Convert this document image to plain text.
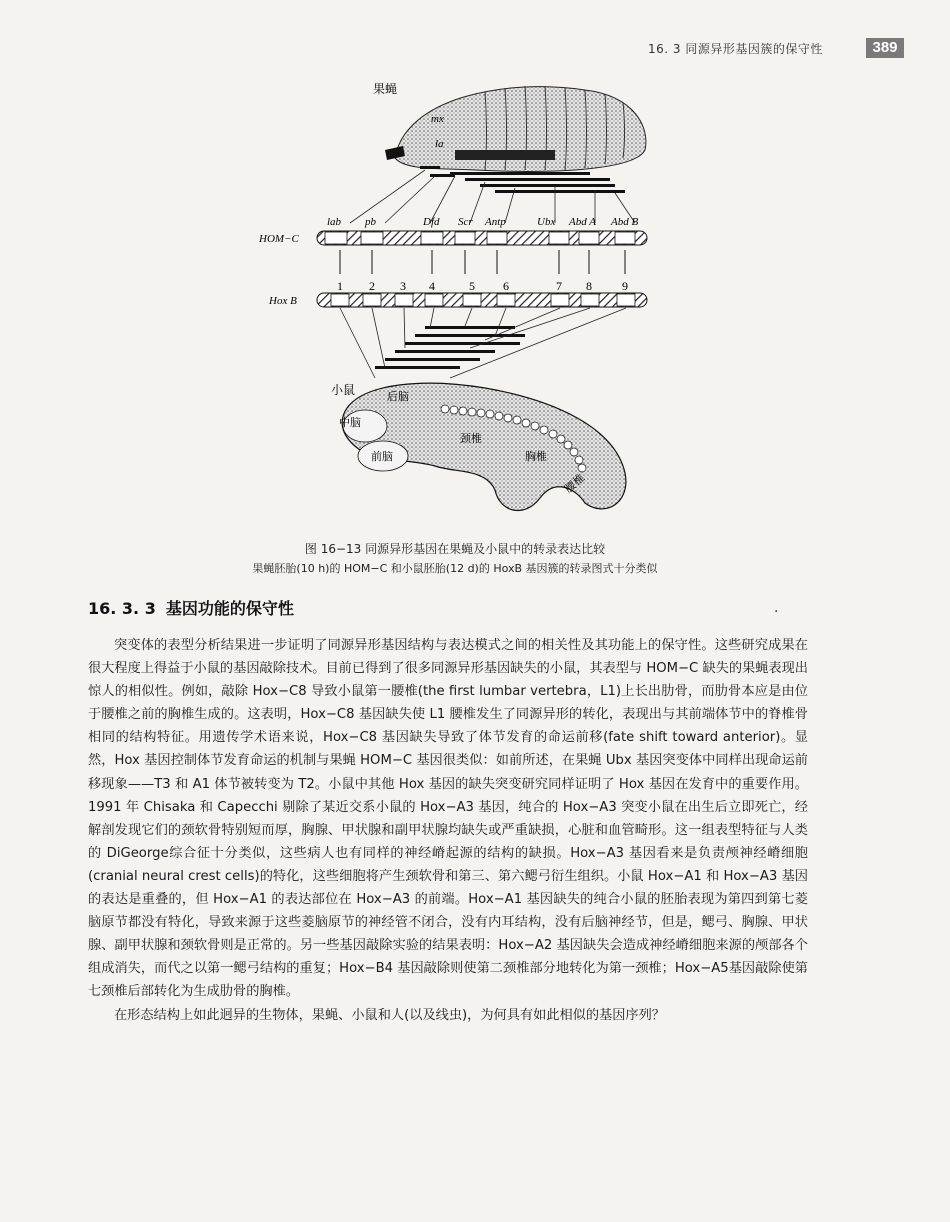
16. 3 同源异形基因簇的保守性	389
果蝇
mx
la
lab pb	Dfd Scr Antp	Ubx Abd A Abd B
HOM−C
1 2 3 4	5 6	7 8	9
Hox B
小鼠	后脑
中脑
前脑
颈椎
胸椎
腰椎
图 16−13 同源异形基因在果蝇及小鼠中的转录表达比较
果蝇胚胎(10 h)的 HOM−C 和小鼠胚胎(12 d)的 HoxB 基因簇的转录图式十分类似
16. 3. 3 基因功能的保守性	·

突变体的表型分析结果进一步证明了同源异形基因结构与表达模式之间的相关性及其功能上的保守性。这些研究成果在很大程度上得益于小鼠的基因敲除技术。目前已得到了很多同源异形基因缺失的小鼠，其表型与 HOM−C 缺失的果蝇表现出惊人的相似性。例如，敲除 Hox−C8 导致小鼠第一腰椎(the first lumbar vertebra，L1)上长出肋骨，而肋骨本应是由位于腰椎之前的胸椎生成的。这表明，Hox−C8 基因缺失使 L1 腰椎发生了同源异形的转化，表现出与其前端体节中的脊椎骨相同的结构特征。用遗传学术语来说，Hox−C8 基因缺失导致了体节发育的命运前移(fate shift toward anterior)。显然，Hox 基因控制体节发育命运的机制与果蝇 HOM−C 基因很类似：如前所述，在果蝇 Ubx 基因突变体中同样出现命运前移现象——T3 和 A1 体节被转变为 T2。小鼠中其他 Hox 基因的缺失突变研究同样证明了 Hox 基因在发育中的重要作用。1991 年 Chisaka 和 Capecchi 剔除了某近交系小鼠的 Hox−A3 基因，纯合的 Hox−A3 突变小鼠在出生后立即死亡，经解剖发现它们的颈软骨特别短而厚，胸腺、甲状腺和副甲状腺均缺失或严重缺损，心脏和血管畸形。这一组表型特征与人类的 DiGeorge综合征十分类似，这些病人也有同样的神经嵴起源的结构的缺损。Hox−A3 基因看来是负责颅神经嵴细胞(cranial neural crest cells)的特化，这些细胞将产生颈软骨和第三、第六鳃弓衍生组织。小鼠 Hox−A1 和 Hox−A3 基因的表达是重叠的，但 Hox−A1 的表达部位在 Hox−A3 的前端。Hox−A1 基因缺失的纯合小鼠的胚胎表现为第四到第七菱脑原节都没有特化，导致来源于这些菱脑原节的神经管不闭合，没有内耳结构，没有后脑神经节，但是，鳃弓、胸腺、甲状腺、副甲状腺和颈软骨则是正常的。另一些基因敲除实验的结果表明：Hox−A2 基因缺失会造成神经嵴细胞来源的颅部各个组成消失，而代之以第一鳃弓结构的重复；Hox−B4 基因敲除则使第二颈椎部分地转化为第一颈椎；Hox−A5基因敲除使第七颈椎后部转化为生成肋骨的胸椎。

在形态结构上如此迥异的生物体，果蝇、小鼠和人(以及线虫)，为何具有如此相似的基因序列？
